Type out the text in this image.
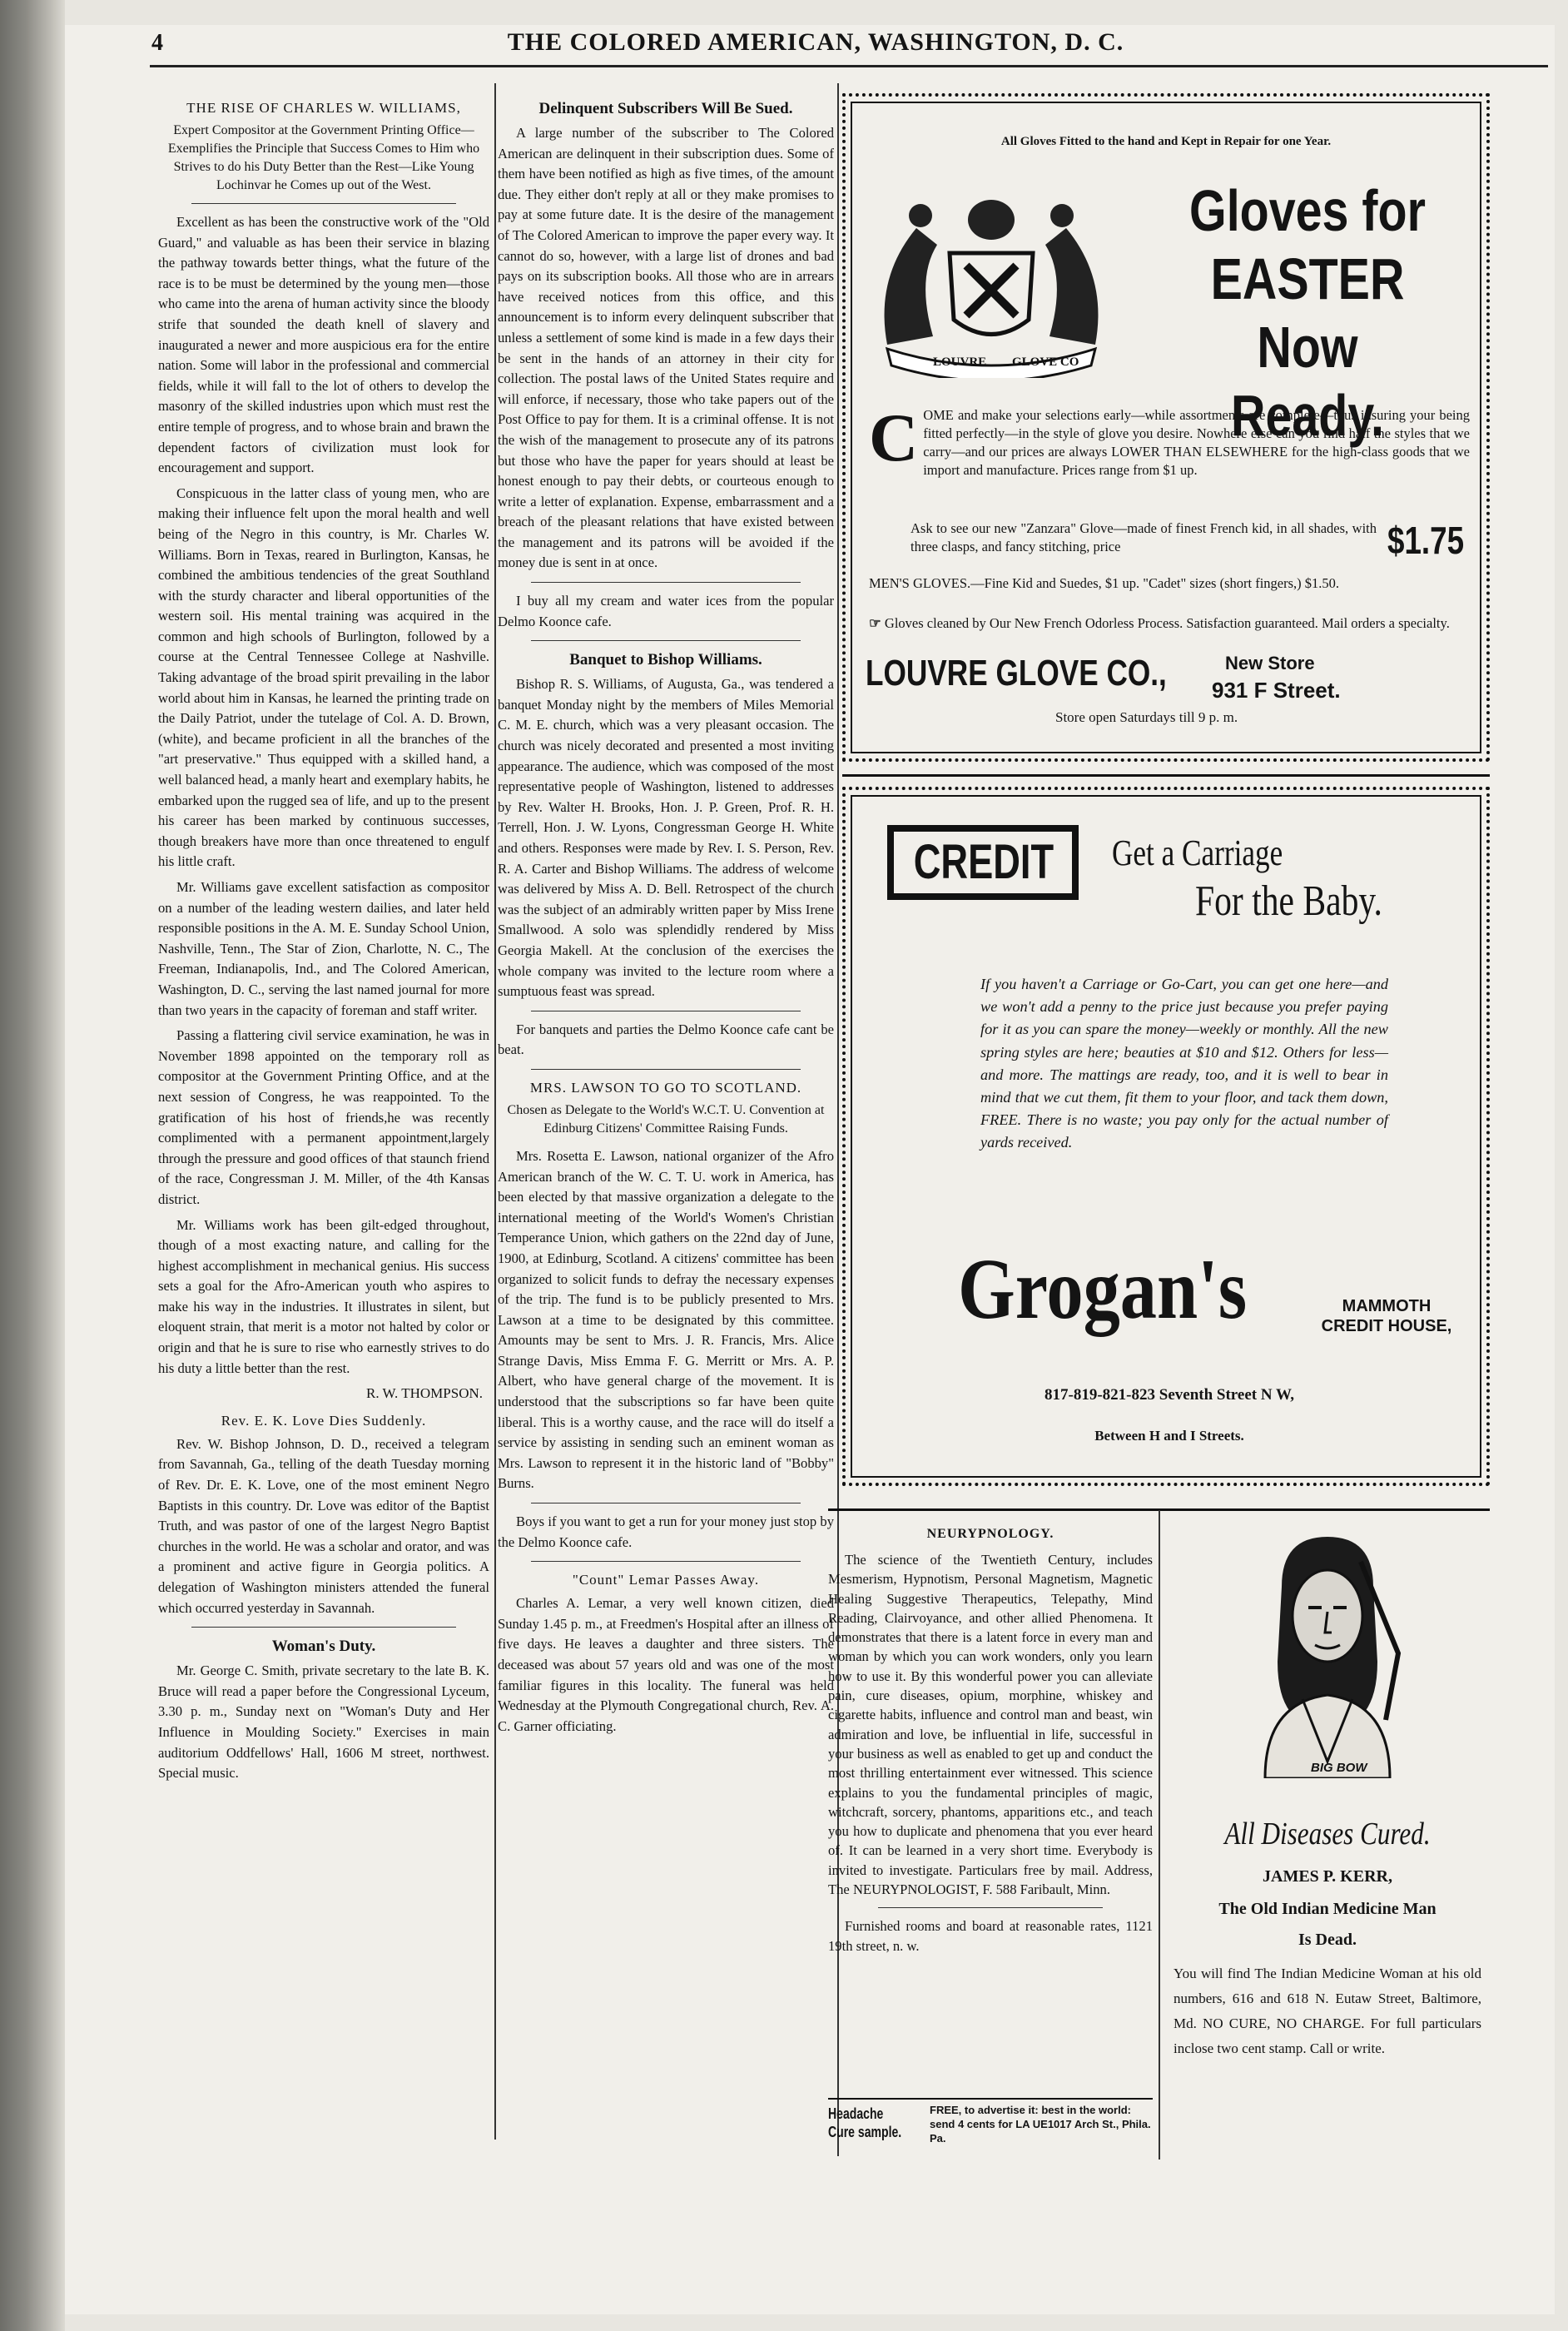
4	THE COLORED AMERICAN, WASHINGTON, D. C.
THE RISE OF CHARLES W. WILLIAMS,
Expert Compositor at the Government Printing Office—Exemplifies the Principle that Success Comes to Him who Strives to do his Duty Better than the Rest—Like Young Lochinvar he Comes up out of the West.

Excellent as has been the constructive work of the "Old Guard," and valuable as has been their service in blazing the pathway towards better things, what the future of the race is to be must be determined by the young men—those who came into the arena of human activity since the bloody strife that sounded the death knell of slavery and inaugurated a newer and more auspicious era for the entire nation. Some will labor in the professional and commercial fields, while it will fall to the lot of others to develop the masonry of the skilled industries upon which must rest the entire temple of progress, and to whose brain and brawn the dependent factors of civilization must look for encouragement and support.

Conspicuous in the latter class of young men, who are making their influence felt upon the moral health and well being of the Negro in this country, is Mr. Charles W. Williams. Born in Texas, reared in Burlington, Kansas, he combined the ambitious tendencies of the great Southland with the sturdy character and liberal opportunities of the western soil. His mental training was acquired in the common and high schools of Burlington, followed by a course at the Central Tennessee College at Nashville. Taking advantage of the broad spirit prevailing in the labor world about him in Kansas, he learned the printing trade on the Daily Patriot, under the tutelage of Col. A. D. Brown, (white), and became proficient in all the branches of the "art preservative." Thus equipped with a skilled hand, a well balanced head, a manly heart and exemplary habits, he embarked upon the rugged sea of life, and up to the present his career has been marked by continuous successes, though breakers have more than once threatened to engulf his little craft.

Mr. Williams gave excellent satisfaction as compositor on a number of the leading western dailies, and later held responsible positions in the A. M. E. Sunday School Union, Nashville, Tenn., The Star of Zion, Charlotte, N. C., The Freeman, Indianapolis, Ind., and The Colored American, Washington, D. C., serving the last named journal for more than two years in the capacity of foreman and staff writer.

Passing a flattering civil service examination, he was in November 1898 appointed on the temporary roll as compositor at the Government Printing Office, and at the next session of Congress, he was reappointed. To the gratification of his host of friends,he was recently complimented with a permanent appointment,largely through the pressure and good offices of that staunch friend of the race, Congressman J. M. Miller, of the 4th Kansas district.

Mr. Williams work has been gilt-edged throughout, though of a most exacting nature, and calling for the highest accomplishment in mechanical genius. His success sets a goal for the Afro-American youth who aspires to make his way in the industries. It illustrates in silent, but eloquent strain, that merit is a motor not halted by color or origin and that he is sure to rise who earnestly strives to do his duty a little better than the rest.

R. W. THOMPSON.
Rev. E. K. Love Dies Suddenly.

Rev. W. Bishop Johnson, D. D., received a telegram from Savannah, Ga., telling of the death Tuesday morning of Rev. Dr. E. K. Love, one of the most eminent Negro Baptists in this country. Dr. Love was editor of the Baptist Truth, and was pastor of one of the largest Negro Baptist churches in the world. He was a scholar and orator, and was a prominent and active figure in Georgia politics. A delegation of Washington ministers attended the funeral which occurred yesterday in Savannah.

Woman's Duty.

Mr. George C. Smith, private secretary to the late B. K. Bruce will read a paper before the Congressional Lyceum, 3.30 p. m., Sunday next on "Woman's Duty and Her Influence in Moulding Society." Exercises in main auditorium Oddfellows' Hall, 1606 M street, northwest. Special music.

Delinquent Subscribers Will Be Sued.

A large number of the subscriber to The Colored American are delinquent in their subscription dues. Some of them have been notified as high as five times, of the amount due. They either don't reply at all or they make promises to pay at some future date. It is the desire of the management of The Colored American to improve the paper every way. It cannot do so, however, with a large list of drones and bad pays on its subscription books. All those who are in arrears have received notices from this office, and this announcement is to inform every delinquent subscriber that unless a settlement of some kind is made in a few days their be sent in the hands of an attorney in their city for collection. The postal laws of the United States require and will enforce, if necessary, those who take papers out of the Post Office to pay for them. It is a criminal offense. It is not the wish of the management to prosecute any of its patrons but those who have the paper for years should at least be honest enough to pay their debts, or courteous enough to write a letter of explanation. Expense, embarrassment and a breach of the pleasant relations that have existed between the management and its patrons will be avoided if the money due is sent in at once.

I buy all my cream and water ices from the popular Delmo Koonce cafe.

Banquet to Bishop Williams.

Bishop R. S. Williams, of Augusta, Ga., was tendered a banquet Monday night by the members of Miles Memorial C. M. E. church, which was a very pleasant occasion. The church was nicely decorated and presented a most inviting appearance. The audience, which was composed of the most representative people of Washington, listened to addresses by Rev. Walter H. Brooks, Hon. J. P. Green, Prof. R. H. Terrell, Hon. J. W. Lyons, Congressman George H. White and others. Responses were made by Rev. I. S. Person, Rev. R. A. Carter and Bishop Williams. The address of welcome was delivered by Miss A. D. Bell. Retrospect of the church was the subject of an admirably written paper by Miss Irene Smallwood. A solo was splendidly rendered by Miss Georgia Makell. At the conclusion of the exercises the whole company was invited to the lecture room where a sumptuous feast was spread.

For banquets and parties the Delmo Koonce cafe cant be beat.

MRS. LAWSON TO GO TO SCOTLAND.
Chosen as Delegate to the World's W.C.T. U. Convention at Edinburg Citizens' Committee Raising Funds.

Mrs. Rosetta E. Lawson, national organizer of the Afro American branch of the W. C. T. U. work in America, has been elected by that massive organization a delegate to the international meeting of the World's Women's Christian Temperance Union, which gathers on the 22nd day of June, 1900, at Edinburg, Scotland. A citizens' committee has been organized to solicit funds to defray the necessary expenses of the trip. The fund is to be publicly presented to Mrs. Lawson at a time to be designated by this committee. Amounts may be sent to Mrs. J. R. Francis, Mrs. Alice Strange Davis, Miss Emma F. G. Merritt or Mrs. A. P. Albert, who have general charge of the movement. It is understood that the subscriptions so far have been quite liberal. This is a worthy cause, and the race will do itself a service by assisting in sending such an eminent woman as Mrs. Lawson to represent it in the historic land of "Bobby" Burns.

Boys if you want to get a run for your money just stop by the Delmo Koonce cafe.

"Count" Lemar Passes Away.

Charles A. Lemar, a very well known citizen, died Sunday 1.45 p. m., at Freedmen's Hospital after an illness of five days. He leaves a daughter and three sisters. The deceased was about 57 years old and was one of the most familiar figures in this locality. The funeral was held Wednesday at the Plymouth Congregational church, Rev. A. C. Garner officiating.

All Gloves Fitted to the hand and Kept in Repair for one Year.
LOUVRE GLOVE CO
Gloves for
EASTER
Now Ready.
C OME and make your selections early—while assortments are complete—thus insuring your being fitted perfectly—in the style of glove you desire. Nowhere else can you find half the styles that we carry—and our prices are always LOWER THAN ELSEWHERE for the high-class goods that we import and manufacture. Prices range from $1 up.
Ask to see our new "Zanzara" Glove—made of finest French kid, in all shades, with three clasps, and fancy stitching, price	$1.75
MEN'S GLOVES.—Fine Kid and Suedes, $1 up. "Cadet" sizes (short fingers,) $1.50.
☞ Gloves cleaned by Our New French Odorless Process. Satisfaction guaranteed. Mail orders a specialty.
LOUVRE GLOVE CO.,	New Store
931 F Street.
Store open Saturdays till 9 p. m.
CREDIT	Get a Carriage
For the Baby.
If you haven't a Carriage or Go-Cart, you can get one here—and we won't add a penny to the price just because you prefer paying for it as you can spare the money—weekly or monthly. All the new spring styles are here; beauties at $10 and $12. Others for less—and more. The mattings are ready, too, and it is well to bear in mind that we cut them, fit them to your floor, and tack them down, FREE. There is no waste; you pay only for the actual number of yards received.
Grogan's	MAMMOTH
CREDIT HOUSE,
817-819-821-823 Seventh Street N W,
Between H and I Streets.
NEURYPNOLOGY.

The science of the Twentieth Century, includes Mesmerism, Hypnotism, Personal Magnetism, Magnetic Healing Suggestive Therapeutics, Telepathy, Mind Reading, Clairvoyance, and other allied Phenomena. It demonstrates that there is a latent force in every man and woman by which you can work wonders, only you learn how to use it. By this wonderful power you can alleviate pain, cure diseases, opium, morphine, whiskey and cigarette habits, influence and control man and beast, win admiration and love, be influential in life, successful in your business as well as enabled to get up and conduct the most thrilling entertainment ever witnessed. This science explains to you the fundamental principles of magic, witchcraft, sorcery, phantoms, apparitions etc., and teach you how to duplicate and phenomena that you ever heard of. It can be learned in a very short time. Everybody is invited to investigate. Particulars free by mail. Address, The NEURYPNOLOGIST, F. 588 Faribault, Minn.

Furnished rooms and board at reasonable rates, 1121 19th street, n. w.

Headache Cure sample.
FREE, to advertise it: best in the world: send 4 cents for LA UE1017 Arch St., Phila. Pa.
BIG BOW
All Diseases Cured.
JAMES P. KERR,
The Old Indian Medicine Man
Is Dead.
You will find The Indian Medicine Woman at his old numbers, 616 and 618 N. Eutaw Street, Baltimore, Md. NO CURE, NO CHARGE. For full particulars inclose two cent stamp. Call or write.
